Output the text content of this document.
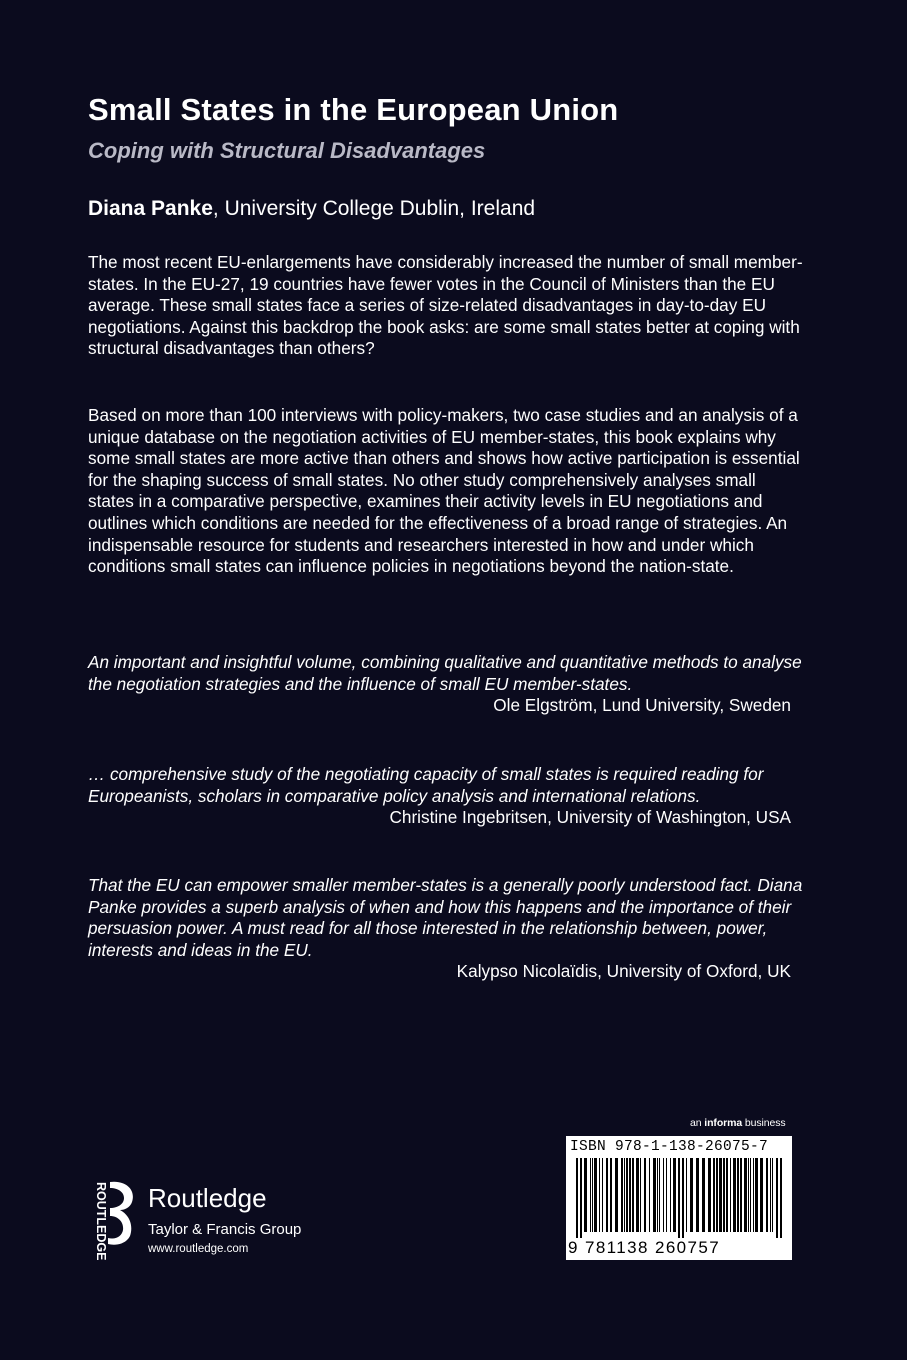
Small States in the European Union
Coping with Structural Disadvantages
Diana Panke, University College Dublin, Ireland

The most recent EU-enlargements have considerably increased the number of small member-states. In the EU-27, 19 countries have fewer votes in the Council of Ministers than the EU average. These small states face a series of size-related disadvantages in day-to-day EU negotiations. Against this backdrop the book asks: are some small states better at coping with structural disadvantages than others?

Based on more than 100 interviews with policy-makers, two case studies and an analysis of a unique database on the negotiation activities of EU member-states, this book explains why some small states are more active than others and shows how active participation is essential for the shaping success of small states. No other study comprehensively analyses small states in a comparative perspective, examines their activity levels in EU negotiations and outlines which conditions are needed for the effectiveness of a broad range of strategies. An indispensable resource for students and researchers interested in how and under which conditions small states can influence policies in negotiations beyond the nation-state.

An important and insightful volume, combining qualitative and quantitative methods to analyse the negotiation strategies and the influence of small EU member-states.

Ole Elgström, Lund University, Sweden

… comprehensive study of the negotiating capacity of small states is required reading for Europeanists, scholars in comparative policy analysis and international relations.

Christine Ingebritsen, University of Washington, USA

That the EU can empower smaller member-states is a generally poorly understood fact. Diana Panke provides a superb analysis of when and how this happens and the importance of their persuasion power. A must read for all those interested in the relationship between, power, interests and ideas in the EU.

Kalypso Nicolaïdis, University of Oxford, UK

an informa business
ISBN 978-1-138-26075-7
9 781138 260757
ROUTLEDGE Routledge
Taylor & Francis Group
www.routledge.com
